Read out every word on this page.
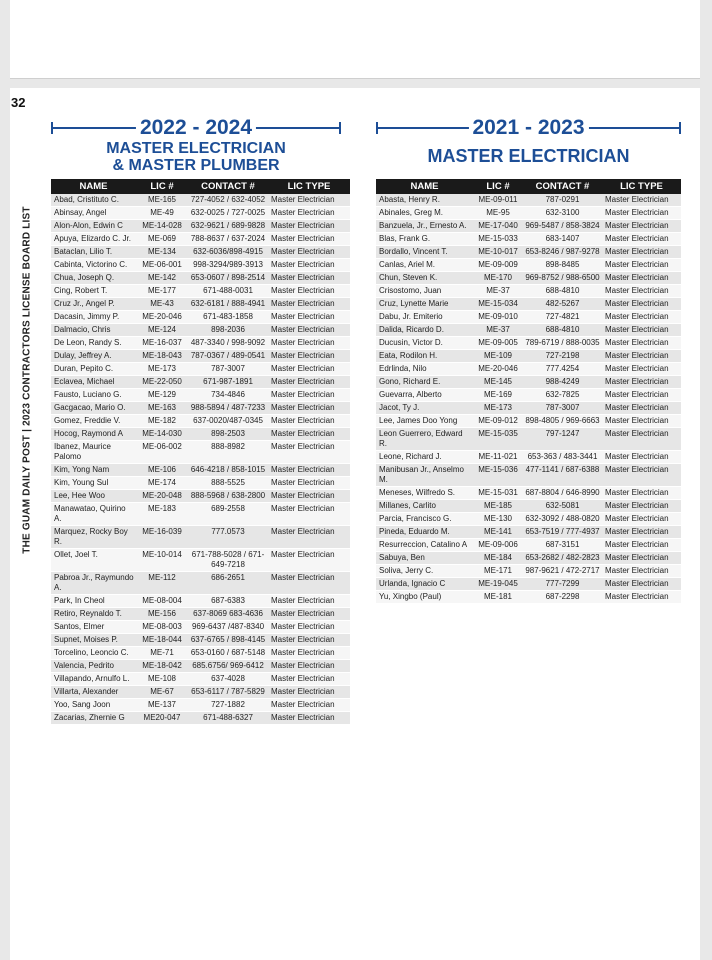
32
THE GUAM DAILY POST | 2023 CONTRACTORS LICENSE BOARD LIST
2022 - 2024
MASTER ELECTRICIAN
& MASTER PLUMBER
NAME	LIC #	CONTACT #	LIC TYPE
Abad, Cristituto C.	ME-165	727-4052 / 632-4052	Master Electrician
Abinsay, Angel	ME-49	632-0025 / 727-0025	Master Electrician
Alon-Alon, Edwin C	ME-14-028	632-9621 / 689-9828	Master Electrician
Apuya, Elizardo C. Jr.	ME-069	788-8637 / 637-2024	Master Electrician
Bataclan, Lilio T.	ME-134	632-6036/898-4915	Master Electrician
Cabinta, Victorino C.	ME-06-001	998-3294/989-3913	Master Electrician
Chua, Joseph Q.	ME-142	653-0607 / 898-2514	Master Electrician
Cing, Robert T.	ME-177	671-488-0031	Master Electrician
Cruz Jr., Angel P.	ME-43	632-6181 / 888-4941	Master Electrician
Dacasin, Jimmy P.	ME-20-046	671-483-1858	Master Electrician
Dalmacio, Chris	ME-124	898-2036	Master Electrician
De Leon, Randy S.	ME-16-037	487-3340 / 998-9092	Master Electrician
Dulay, Jeffrey A.	ME-18-043	787-0367 / 489-0541	Master Electrician
Duran, Pepito C.	ME-173	787-3007	Master Electrician
Eclavea, Michael	ME-22-050	671-987-1891	Master Electrician
Fausto, Luciano G.	ME-129	734-4846	Master Electrician
Gacgacao, Mario O.	ME-163	988-5894 / 487-7233	Master Electrician
Gomez, Freddie V.	ME-182	637-0020/487-0345	Master Electrician
Hocog, Raymond A	ME-14-030	898-2503	Master Electrician
Ibanez, Maurice Palomo	ME-06-002	888-8982	Master Electrician
Kim, Yong Nam	ME-106	646-4218 / 858-1015	Master Electrician
Kim, Young Sul	ME-174	888-5525	Master Electrician
Lee, Hee Woo	ME-20-048	888-5968 / 638-2800	Master Electrician
Manawatao, Quirino A.	ME-183	689-2558	Master Electrician
Marquez, Rocky Boy R.	ME-16-039	777.0573	Master Electrician
Ollet, Joel T.	ME-10-014	671-788-5028 / 671-649-7218	Master Electrician
Pabroa Jr., Raymundo A.	ME-112	686-2651	Master Electrician
Park, In Cheol	ME-08-004	687-6383	Master Electrician
Retiro, Reynaldo T.	ME-156	637-8069 683-4636	Master Electrician
Santos, Elmer	ME-08-003	969-6437 /487-8340	Master Electrician
Supnet, Moises P.	ME-18-044	637-6765 / 898-4145	Master Electrician
Torcelino, Leoncio C.	ME-71	653-0160 / 687-5148	Master Electrician
Valencia, Pedrito	ME-18-042	685.6756/ 969-6412	Master Electrician
Villapando, Arnulfo L.	ME-108	637-4028	Master Electrician
Villarta, Alexander	ME-67	653-6117 / 787-5829	Master Electrician
Yoo, Sang Joon	ME-137	727-1882	Master Electrician
Zacarias, Zhernie G	ME20-047	671-488-6327	Master Electrician
2021 - 2023
MASTER ELECTRICIAN
NAME	LIC #	CONTACT #	LIC TYPE
Abasta, Henry R.	ME-09-011	787-0291	Master Electrician
Abinales, Greg M.	ME-95	632-3100	Master Electrician
Banzuela, Jr., Ernesto A.	ME-17-040	969-5487 / 858-3824	Master Electrician
Blas, Frank G.	ME-15-033	683-1407	Master Electrician
Bordallo, Vincent T.	ME-10-017	653-8246 / 987-9278	Master Electrician
Canlas, Ariel M.	ME-09-009	898-8485	Master Electrician
Chun, Steven K.	ME-170	969-8752 / 988-6500	Master Electrician
Crisostomo, Juan	ME-37	688-4810	Master Electrician
Cruz, Lynette Marie	ME-15-034	482-5267	Master Electrician
Dabu, Jr. Emiterio	ME-09-010	727-4821	Master Electrician
Dalida, Ricardo D.	ME-37	688-4810	Master Electrician
Ducusin, Victor D.	ME-09-005	789-6719 / 888-0035	Master Electrician
Eata, Rodilon H.	ME-109	727-2198	Master Electrician
Edrlinda, Nilo	ME-20-046	777.4254	Master Electrician
Gono, Richard E.	ME-145	988-4249	Master Electrician
Guevarra, Alberto	ME-169	632-7825	Master Electrician
Jacot, Ty J.	ME-173	787-3007	Master Electrician
Lee, James Doo Yong	ME-09-012	898-4805 / 969-6663	Master Electrician
Leon Guerrero, Edward R.	ME-15-035	797-1247	Master Electrician
Leone, Richard J.	ME-11-021	653-363 / 483-3441	Master Electrician
Manibusan Jr., Anselmo M.	ME-15-036	477-1141 / 687-6388	Master Electrician
Meneses, Wilfredo S.	ME-15-031	687-8804 / 646-8990	Master Electrician
Millanes, Carlito	ME-185	632-5081	Master Electrician
Parcia, Francisco G.	ME-130	632-3092 / 488-0820	Master Electrician
Pineda, Eduardo M.	ME-141	653-7519 / 777-4937	Master Electrician
Resurreccion, Catalino A	ME-09-006	687-3151	Master Electrician
Sabuya, Ben	ME-184	653-2682 / 482-2823	Master Electrician
Soliva, Jerry C.	ME-171	987-9621 / 472-2717	Master Electrician
Urlanda, Ignacio C	ME-19-045	777-7299	Master Electrician
Yu, Xingbo (Paul)	ME-181	687-2298	Master Electrician
